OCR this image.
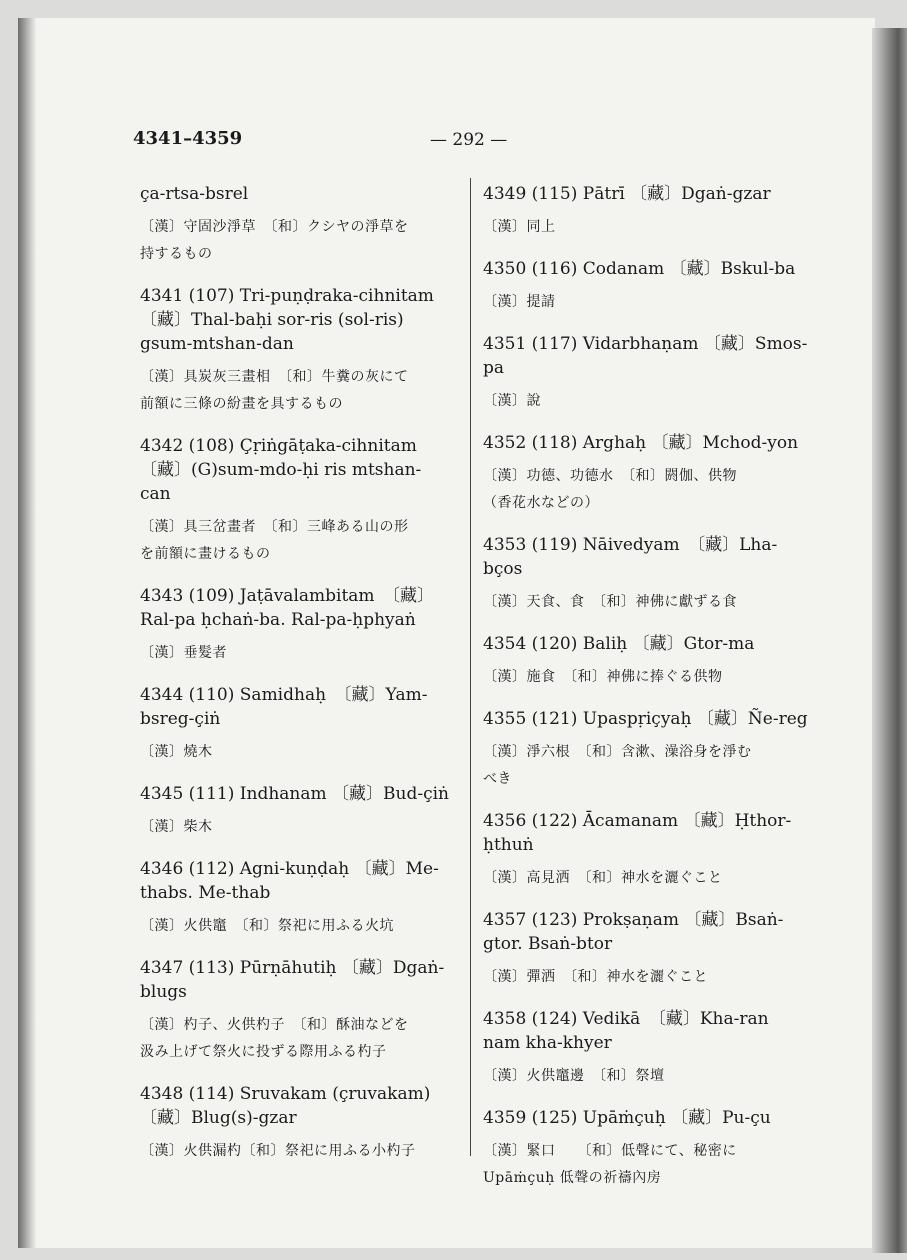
4341–4359	— 292 —
ça-rtsa-bsrel
〔漢〕守固沙淨草　〔和〕クシヤの淨草を
持するもの
4341 (107) Tri-puṇḍraka-cihnitam
〔藏〕Thal-baḥi sor-ris (sol-ris)
gsum-mtshan-dan
〔漢〕具炭灰三畫相　〔和〕牛糞の灰にて
前額に三條の紛畫を具するもの
4342 (108) Çṛiṅgāṭaka-cihnitam
〔藏〕(G)sum-mdo-ḥi ris mtshan-
can
〔漢〕具三岔畫者　〔和〕三峰ある山の形
を前額に畫けるもの
4343 (109) Jaṭāvalambitam　〔藏〕
Ral-pa ḥchaṅ-ba. Ral-pa-ḥphyaṅ
〔漢〕垂髮者
4344 (110) Samidhaḥ　〔藏〕Yam-
bsreg-çiṅ
〔漢〕燒木
4345 (111) Indhanam 〔藏〕Bud-çiṅ
〔漢〕柴木
4346 (112) Agni-kuṇḍaḥ 〔藏〕Me-
thabs. Me-thab
〔漢〕火供竈　〔和〕祭祀に用ふる火坑
4347 (113) Pūrṇāhutiḥ 〔藏〕Dgaṅ-
blugs
〔漢〕杓子、火供杓子　〔和〕酥油などを
汲み上げて祭火に投ずる際用ふる杓子
4348 (114) Sruvakam (çruvakam)
〔藏〕Blug(s)-gzar
〔漢〕火供漏杓〔和〕祭祀に用ふる小杓子
4349 (115) Pātrī 〔藏〕Dgaṅ-gzar
〔漢〕同上
4350 (116) Codanam 〔藏〕Bskul-ba
〔漢〕提請
4351 (117) Vidarbhaṇam 〔藏〕Smos-
pa
〔漢〕說
4352 (118) Arghaḥ 〔藏〕Mchod-yon
〔漢〕功德、功德水　〔和〕閼伽、供物
（香花水などの）
4353 (119) Nāivedyam　〔藏〕Lha-
bços
〔漢〕天食、食　〔和〕神佛に獻ずる食
4354 (120) Baliḥ 〔藏〕Gtor-ma
〔漢〕施食　〔和〕神佛に捧ぐる供物
4355 (121) Upaspṛiçyaḥ 〔藏〕Ñe-reg
〔漢〕淨六根　〔和〕含漱、澡浴身を淨む
べき
4356 (122) Ācamanam 〔藏〕Ḥthor-
ḥthuṅ
〔漢〕高見洒　〔和〕神水を灑ぐこと
4357 (123) Prokṣaṇam 〔藏〕Bsaṅ-
gtor. Bsaṅ-btor
〔漢〕彈洒　〔和〕神水を灑ぐこと
4358 (124) Vedikā　〔藏〕Kha-ran
nam kha-khyer
〔漢〕火供竈邊　〔和〕祭壇
4359 (125) Upāṁçuḥ 〔藏〕Pu-çu
〔漢〕緊口　　〔和〕低聲にて、秘密に
Upāṁçuḥ 低聲の祈禱內房
